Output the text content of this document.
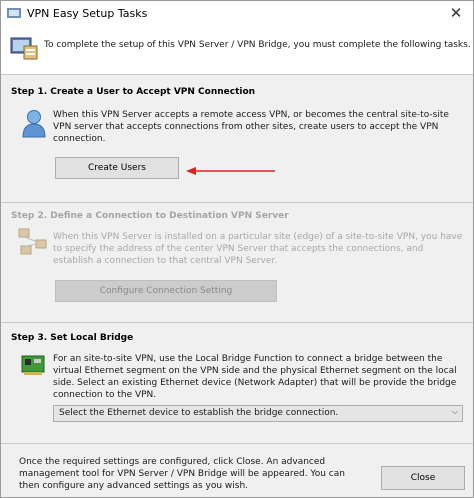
VPN Easy Setup Tasks	✕
To complete the setup of this VPN Server / VPN Bridge, you must complete the following tasks.
Step 1. Create a User to Accept VPN Connection
When this VPN Server accepts a remote access VPN, or becomes the central site-to-site VPN server that accepts connections from other sites, create users to accept the VPN connection.
Create Users
Step 2. Define a Connection to Destination VPN Server
When this VPN Server is installed on a particular site (edge) of a site-to-site VPN, you have to specify the address of the center VPN Server that accepts the connections, and establish a connection to that central VPN Server.
Configure Connection Setting
Step 3. Set Local Bridge
For an site-to-site VPN, use the Local Bridge Function to connect a bridge between the virtual Ethernet segment on the VPN side and the physical Ethernet segment on the local side. Select an existing Ethernet device (Network Adapter) that will be provide the bridge connection to the VPN.
Select the Ethernet device to establish the bridge connection.	⌵
Once the required settings are configured, click Close. An advanced management tool for VPN Server / VPN Bridge will be appeared. You can then configure any advanced settings as you wish.
Close
